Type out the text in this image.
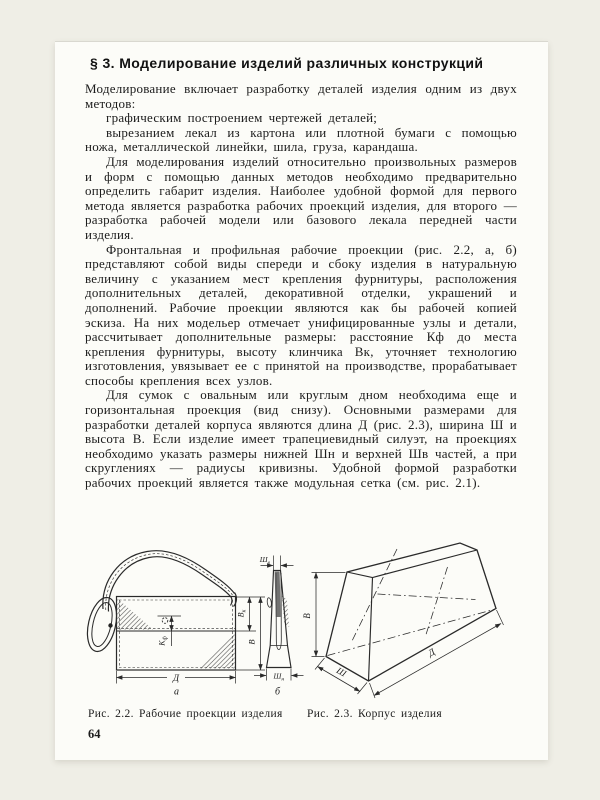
§ 3. Моделирование изделий различных конструкций

Моделирование включает разработку деталей изделия одним из двух методов:

графическим построением чертежей деталей;

вырезанием лекал из картона или плотной бумаги с помощью ножа, металлической линейки, шила, груза, карандаша.

Для моделирования изделий относительно произвольных размеров и форм с помощью данных методов необходимо предварительно определить габарит изделия. Наиболее удобной формой для первого метода является разработка рабочих проекций изделия, для второго — разработка рабочей модели или базового лекала передней части изделия.

Фронтальная и профильная рабочие проекции (рис. 2.2, а, б) представляют собой виды спереди и сбоку изделия в натуральную величину с указанием мест крепления фурнитуры, расположения дополнительных деталей, декоративной отделки, украшений и дополнений. Рабочие проекции являются как бы рабочей копией эскиза. На них модельер отмечает унифицированные узлы и детали, рассчитывает дополнительные размеры: расстояние Кф до места крепления фурнитуры, высоту клинчика Вк, уточняет технологию изготовления, увязывает ее с принятой на производстве, прорабатывает способы крепления всех узлов.

Для сумок с овальным или круглым дном необходима еще и горизонтальная проекция (вид снизу). Основными размерами для разработки деталей корпуса являются длина Д (рис. 2.3), ширина Ш и высота В. Если изделие имеет трапециевидный силуэт, на проекциях необходимо указать размеры нижней Шн и верхней Шв частей, а при скруглениях — радиусы кривизны. Удобной формой разработки рабочих проекций является также модульная сетка (см. рис. 2.1).

$К_ф$
$В_к$
В
Д
а
$Ш_в$
$Ш_н$
б
В
Ш
Д
Рис. 2.2. Рабочие проекции изделия Рис. 2.3. Корпус изделия
64
